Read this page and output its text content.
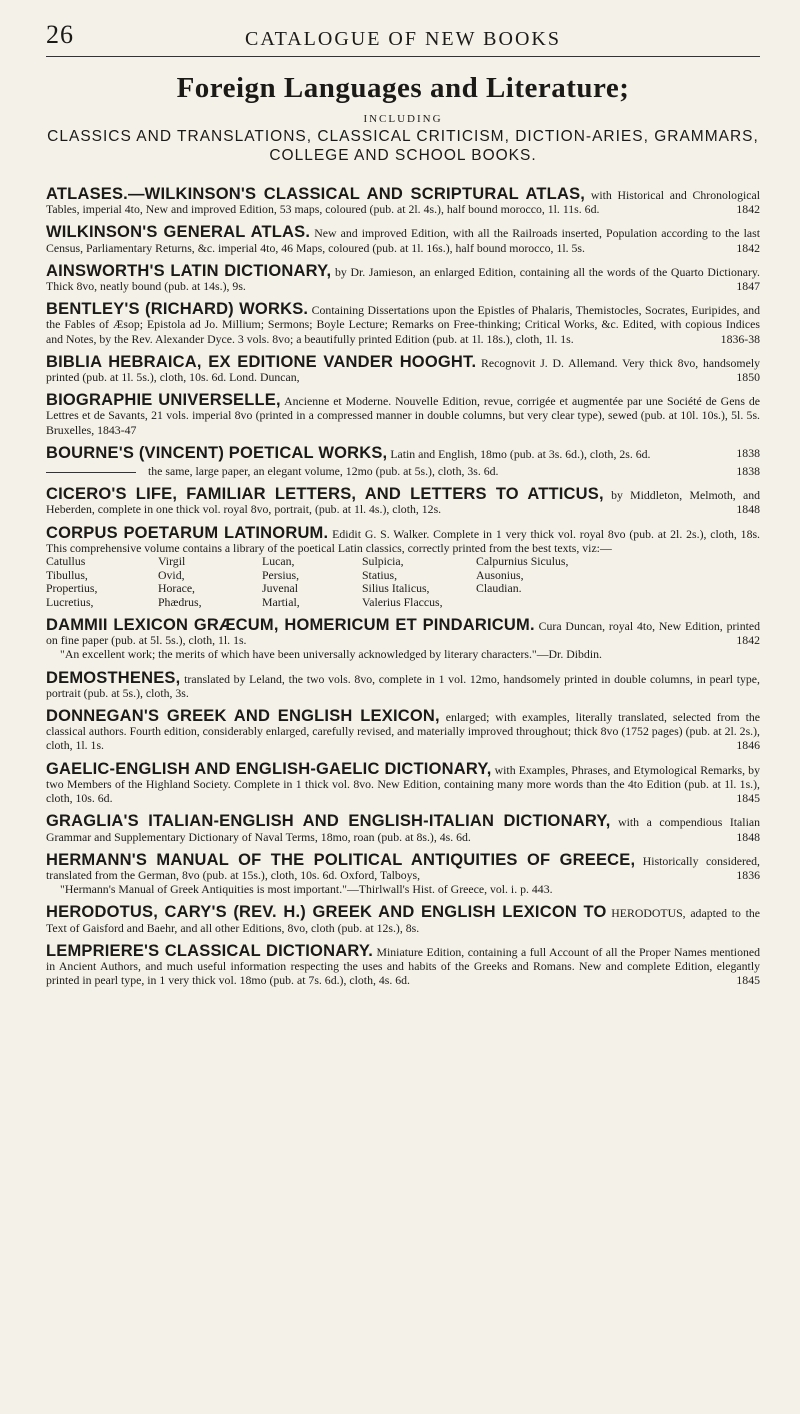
26	CATALOGUE OF NEW BOOKS
Foreign Languages and Literature;
INCLUDING
CLASSICS AND TRANSLATIONS, CLASSICAL CRITICISM, DICTION-ARIES, GRAMMARS, COLLEGE AND SCHOOL BOOKS.
ATLASES.—WILKINSON'S CLASSICAL AND SCRIPTURAL ATLAS, with Historical and Chronological Tables, imperial 4to, New and improved Edition, 53 maps, coloured (pub. at 2l. 4s.), half bound morocco, 1l. 11s. 6d.	1842
WILKINSON'S GENERAL ATLAS. New and improved Edition, with all the Railroads inserted, Population according to the last Census, Parliamentary Returns, &c. imperial 4to, 46 Maps, coloured (pub. at 1l. 16s.), half bound morocco, 1l. 5s.	1842
AINSWORTH'S LATIN DICTIONARY, by Dr. Jamieson, an enlarged Edition, containing all the words of the Quarto Dictionary. Thick 8vo, neatly bound (pub. at 14s.), 9s.	1847
BENTLEY'S (RICHARD) WORKS. Containing Dissertations upon the Epistles of Phalaris, Themistocles, Socrates, Euripides, and the Fables of Æsop; Epistola ad Jo. Millium; Sermons; Boyle Lecture; Remarks on Free-thinking; Critical Works, &c. Edited, with copious Indices and Notes, by the Rev. Alexander Dyce. 3 vols. 8vo; a beautifully printed Edition (pub. at 1l. 18s.), cloth, 1l. 1s.	1836-38
BIBLIA HEBRAICA, EX EDITIONE VANDER HOOGHT. Recognovit J. D. Allemand. Very thick 8vo, handsomely printed (pub. at 1l. 5s.), cloth, 10s. 6d. Lond. Duncan,	1850
BIOGRAPHIE UNIVERSELLE, Ancienne et Moderne. Nouvelle Edition, revue, corrigée et augmentée par une Société de Gens de Lettres et de Savants, 21 vols. imperial 8vo (printed in a compressed manner in double columns, but very clear type), sewed (pub. at 10l. 10s.), 5l. 5s. Bruxelles, 1843-47
BOURNE'S (VINCENT) POETICAL WORKS, Latin and English, 18mo (pub. at 3s. 6d.), cloth, 2s. 6d.	1838
the same, large paper, an elegant volume, 12mo (pub. at 5s.), cloth, 3s. 6d.	1838
CICERO'S LIFE, FAMILIAR LETTERS, AND LETTERS TO ATTICUS, by Middleton, Melmoth, and Heberden, complete in one thick vol. royal 8vo, portrait, (pub. at 1l. 4s.), cloth, 12s.	1848
CORPUS POETARUM LATINORUM. Edidit G. S. Walker. Complete in 1 very thick vol. royal 8vo (pub. at 2l. 2s.), cloth, 18s. This comprehensive volume contains a library of the poetical Latin classics, correctly printed from the best texts, viz:—
Catullus	Virgil	Lucan,	Sulpicia,	Calpurnius Siculus,
Tibullus,	Ovid,	Persius,	Statius,	Ausonius,
Propertius,	Horace,	Juvenal	Silius Italicus,	Claudian.
Lucretius,	Phædrus,	Martial,	Valerius Flaccus,
DAMMII LEXICON GRÆCUM, HOMERICUM ET PINDARICUM. Cura Duncan, royal 4to, New Edition, printed on fine paper (pub. at 5l. 5s.), cloth, 1l. 1s.	1842
"An excellent work; the merits of which have been universally acknowledged by literary characters."—Dr. Dibdin.
DEMOSTHENES, translated by Leland, the two vols. 8vo, complete in 1 vol. 12mo, handsomely printed in double columns, in pearl type, portrait (pub. at 5s.), cloth, 3s.
DONNEGAN'S GREEK AND ENGLISH LEXICON, enlarged; with examples, literally translated, selected from the classical authors. Fourth edition, considerably enlarged, carefully revised, and materially improved throughout; thick 8vo (1752 pages) (pub. at 2l. 2s.), cloth, 1l. 1s.	1846
GAELIC-ENGLISH AND ENGLISH-GAELIC DICTIONARY, with Examples, Phrases, and Etymological Remarks, by two Members of the Highland Society. Complete in 1 thick vol. 8vo. New Edition, containing many more words than the 4to Edition (pub. at 1l. 1s.), cloth, 10s. 6d.	1845
GRAGLIA'S ITALIAN-ENGLISH AND ENGLISH-ITALIAN DICTIONARY, with a compendious Italian Grammar and Supplementary Dictionary of Naval Terms, 18mo, roan (pub. at 8s.), 4s. 6d.	1848
HERMANN'S MANUAL OF THE POLITICAL ANTIQUITIES OF GREECE, Historically considered, translated from the German, 8vo (pub. at 15s.), cloth, 10s. 6d. Oxford, Talboys,	1836
"Hermann's Manual of Greek Antiquities is most important."—Thirlwall's Hist. of Greece, vol. i. p. 443.
HERODOTUS, CARY'S (REV. H.) GREEK AND ENGLISH LEXICON TO HERODOTUS, adapted to the Text of Gaisford and Baehr, and all other Editions, 8vo, cloth (pub. at 12s.), 8s.
LEMPRIERE'S CLASSICAL DICTIONARY. Miniature Edition, containing a full Account of all the Proper Names mentioned in Ancient Authors, and much useful information respecting the uses and habits of the Greeks and Romans. New and complete Edition, elegantly printed in pearl type, in 1 very thick vol. 18mo (pub. at 7s. 6d.), cloth, 4s. 6d.	1845
